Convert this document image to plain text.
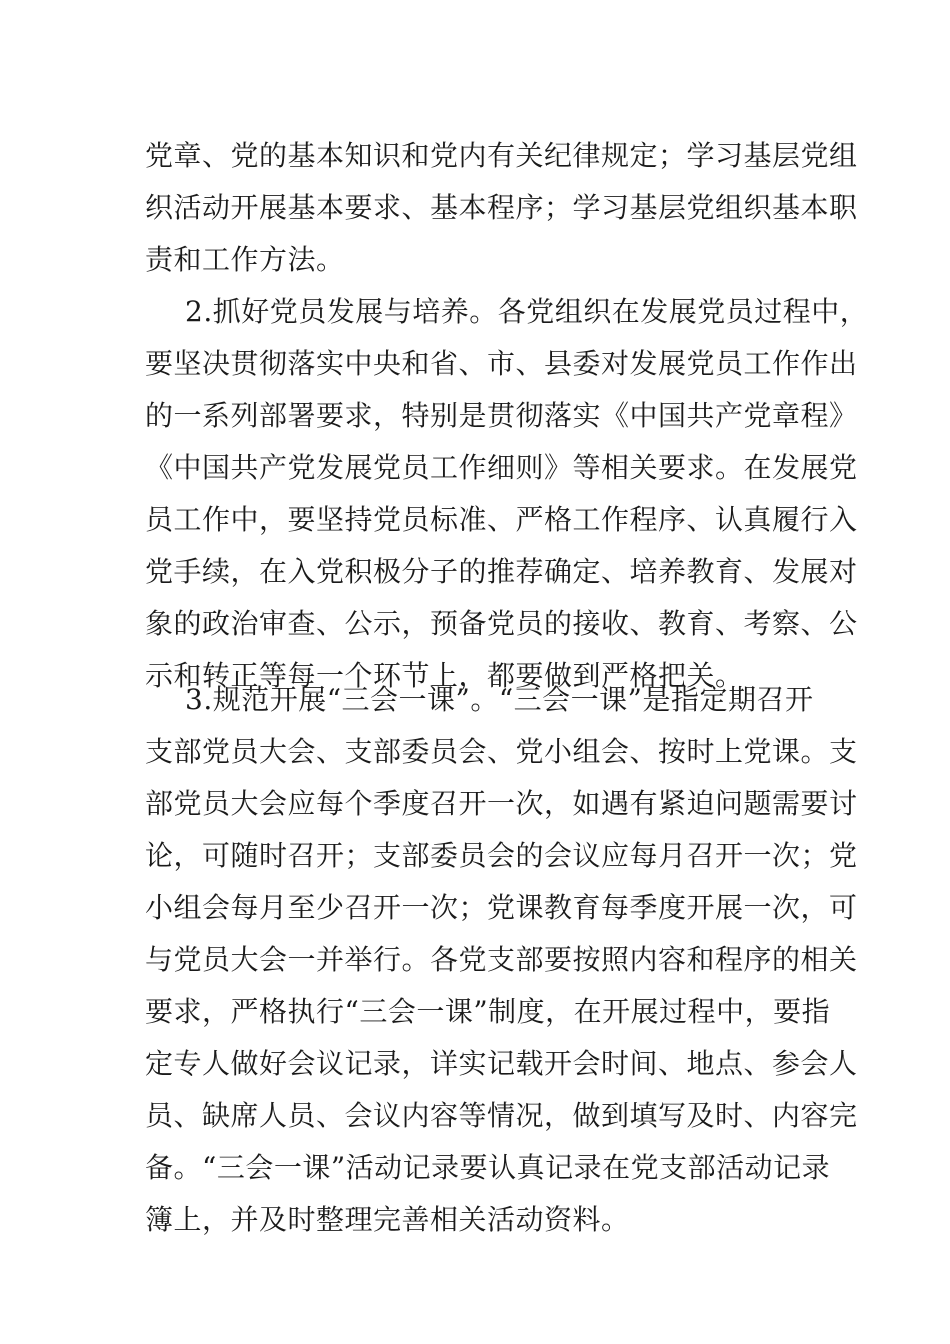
党章、党的基本知识和党内有关纪律规定；学习基层党组
织活动开展基本要求、基本程序；学习基层党组织基本职
责和工作方法。
2.抓好党员发展与培养。各党组织在发展党员过程中，
要坚决贯彻落实中央和省、市、县委对发展党员工作作出
的一系列部署要求，特别是贯彻落实《中国共产党章程》
《中国共产党发展党员工作细则》等相关要求。在发展党
员工作中，要坚持党员标准、严格工作程序、认真履行入
党手续，在入党积极分子的推荐确定、培养教育、发展对
象的政治审查、公示，预备党员的接收、教育、考察、公
示和转正等每一个环节上，都要做到严格把关。
3.规范开展“三会一课”。“三会一课”是指定期召开
支部党员大会、支部委员会、党小组会、按时上党课。支
部党员大会应每个季度召开一次，如遇有紧迫问题需要讨
论，可随时召开；支部委员会的会议应每月召开一次；党
小组会每月至少召开一次；党课教育每季度开展一次，可
与党员大会一并举行。各党支部要按照内容和程序的相关
要求，严格执行“三会一课”制度，在开展过程中，要指
定专人做好会议记录，详实记载开会时间、地点、参会人
员、缺席人员、会议内容等情况，做到填写及时、内容完
备。“三会一课”活动记录要认真记录在党支部活动记录
簿上，并及时整理完善相关活动资料。
